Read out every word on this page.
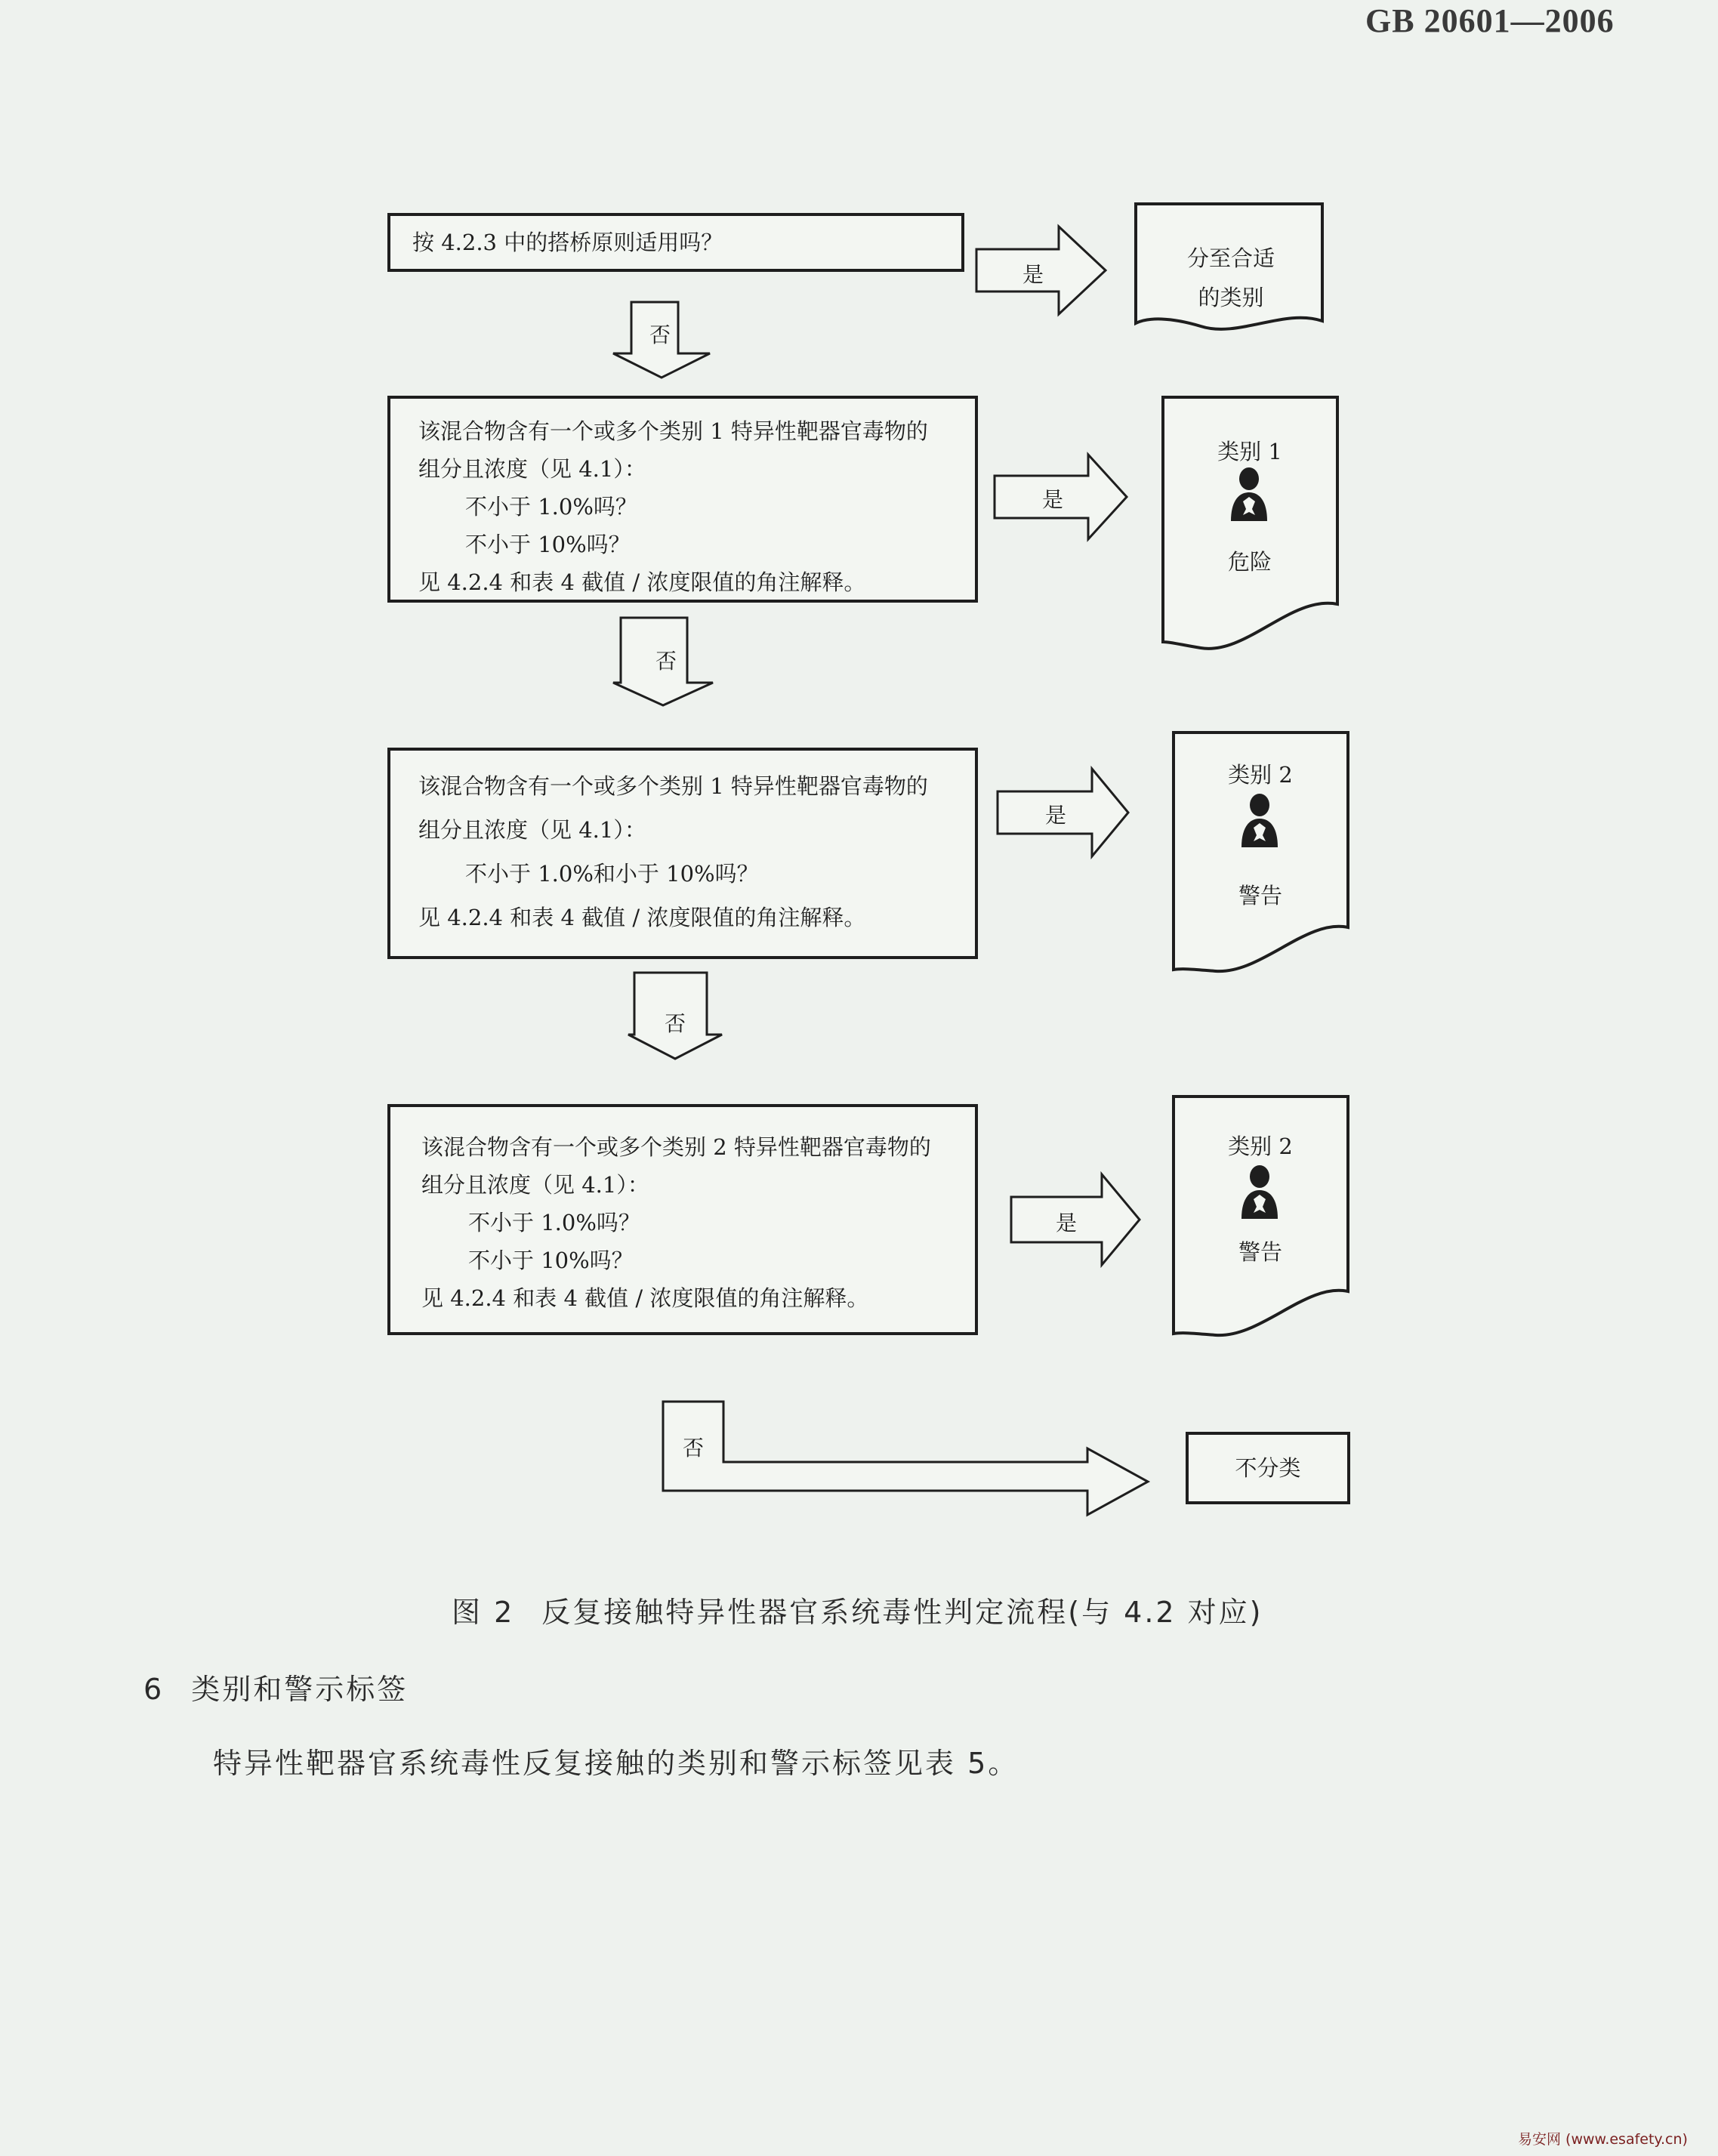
GB 20601—2006
按 4.2.3 中的搭桥原则适用吗？
该混合物含有一个或多个类别 1 特异性靶器官毒物的
组分且浓度（见 4.1）：
不小于 1.0%吗？
不小于 10%吗？
见 4.2.4 和表 4 截值 / 浓度限值的角注解释。
该混合物含有一个或多个类别 1 特异性靶器官毒物的
组分且浓度（见 4.1）：
不小于 1.0%和小于 10%吗？
见 4.2.4 和表 4 截值 / 浓度限值的角注解释。
该混合物含有一个或多个类别 2 特异性靶器官毒物的
组分且浓度（见 4.1）：
不小于 1.0%吗？
不小于 10%吗？
见 4.2.4 和表 4 截值 / 浓度限值的角注解释。
是
是
是
是
否
否
否
否
分至合适
的类别
类别 1
危险
类别 2
警告
类别 2
警告
不分类
图 2 反复接触特异性器官系统毒性判定流程(与 4.2 对应)
6 类别和警示标签
特异性靶器官系统毒性反复接触的类别和警示标签见表 5。
易安网 (www.esafety.cn)
